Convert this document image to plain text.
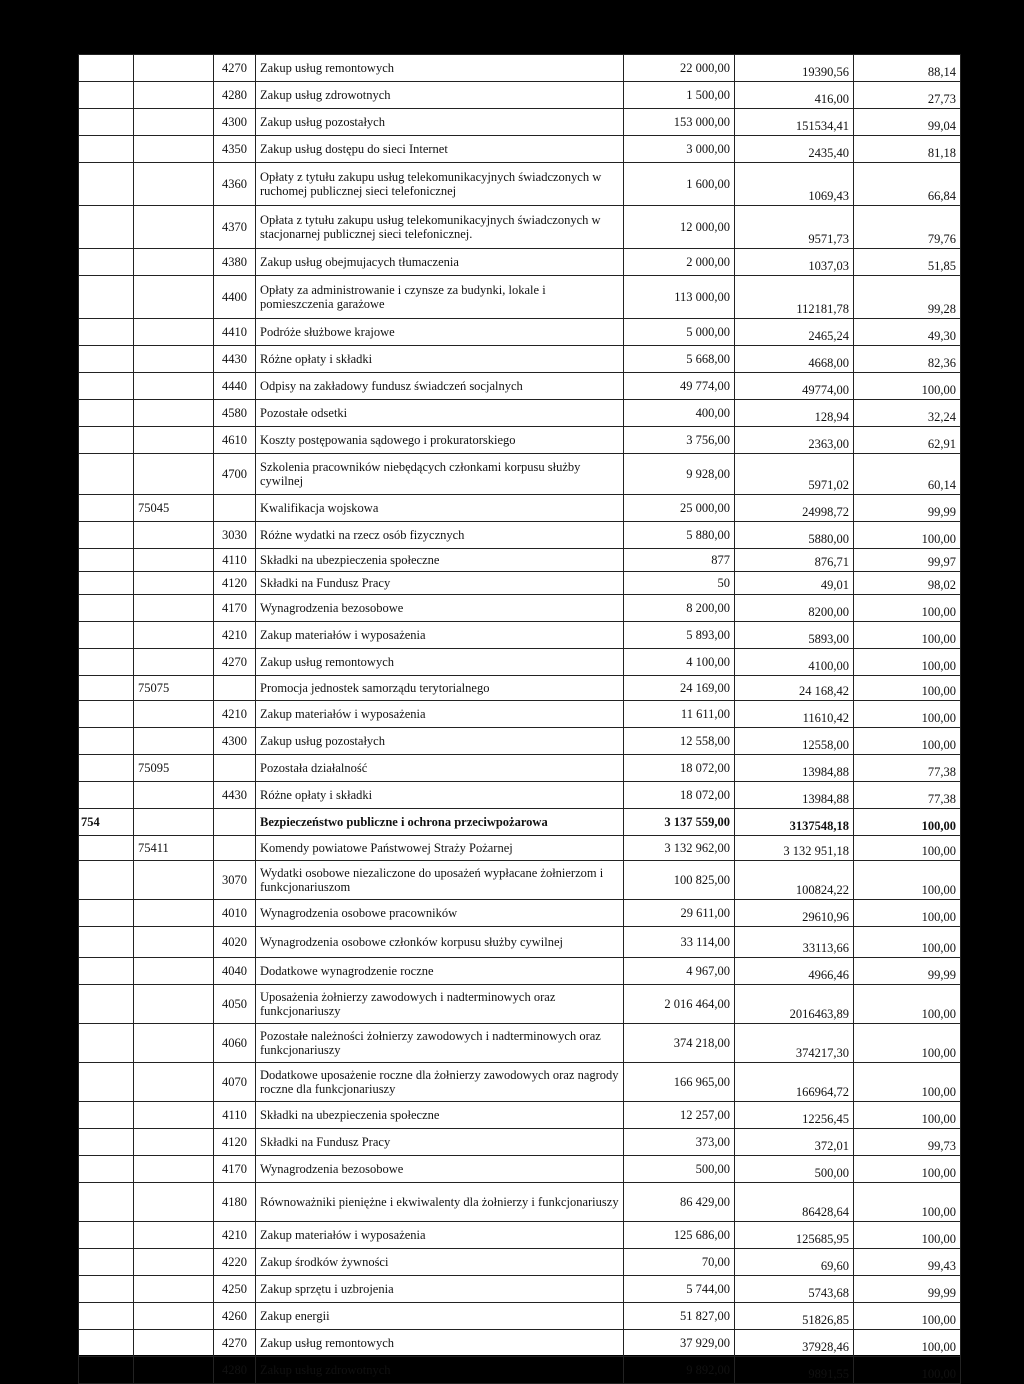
		4270	Zakup usług remontowych	22 000,00	19390,56	88,14
		4280	Zakup usług zdrowotnych	1 500,00	416,00	27,73
		4300	Zakup usług pozostałych	153 000,00	151534,41	99,04
		4350	Zakup usług dostępu do sieci Internet	3 000,00	2435,40	81,18
		4360	Opłaty z tytułu zakupu usług telekomunikacyjnych świadczonych w ruchomej publicznej sieci telefonicznej	1 600,00	1069,43	66,84
		4370	Opłata z tytułu zakupu usług telekomunikacyjnych świadczonych w stacjonarnej publicznej sieci telefonicznej.	12 000,00	9571,73	79,76
		4380	Zakup usług obejmujacych tłumaczenia	2 000,00	1037,03	51,85
		4400	Opłaty za administrowanie i czynsze za budynki, lokale i pomieszczenia garażowe	113 000,00	112181,78	99,28
		4410	Podróże służbowe krajowe	5 000,00	2465,24	49,30
		4430	Różne opłaty i składki	5 668,00	4668,00	82,36
		4440	Odpisy na zakładowy fundusz świadczeń socjalnych	49 774,00	49774,00	100,00
		4580	Pozostałe odsetki	400,00	128,94	32,24
		4610	Koszty postępowania sądowego i prokuratorskiego	3 756,00	2363,00	62,91
		4700	Szkolenia pracowników niebędących członkami korpusu służby cywilnej	9 928,00	5971,02	60,14
	75045		Kwalifikacja wojskowa	25 000,00	24998,72	99,99
		3030	Różne wydatki na rzecz osób fizycznych	5 880,00	5880,00	100,00
		4110	Składki na ubezpieczenia społeczne	877	876,71	99,97
		4120	Składki na Fundusz Pracy	50	49,01	98,02
		4170	Wynagrodzenia bezosobowe	8 200,00	8200,00	100,00
		4210	Zakup materiałów i wyposażenia	5 893,00	5893,00	100,00
		4270	Zakup usług remontowych	4 100,00	4100,00	100,00
	75075		Promocja jednostek samorządu terytorialnego	24 169,00	24 168,42	100,00
		4210	Zakup materiałów i wyposażenia	11 611,00	11610,42	100,00
		4300	Zakup usług pozostałych	12 558,00	12558,00	100,00
	75095		Pozostała działalność	18 072,00	13984,88	77,38
		4430	Różne opłaty i składki	18 072,00	13984,88	77,38
754			Bezpieczeństwo publiczne i ochrona przeciwpożarowa	3 137 559,00	3137548,18	100,00
	75411		Komendy powiatowe Państwowej Straży Pożarnej	3 132 962,00	3 132 951,18	100,00
		3070	Wydatki osobowe niezaliczone do uposażeń wypłacane żołnierzom i funkcjonariuszom	100 825,00	100824,22	100,00
		4010	Wynagrodzenia osobowe pracowników	29 611,00	29610,96	100,00
		4020	Wynagrodzenia osobowe członków korpusu służby cywilnej	33 114,00	33113,66	100,00
		4040	Dodatkowe wynagrodzenie roczne	4 967,00	4966,46	99,99
		4050	Uposażenia żołnierzy zawodowych i nadterminowych oraz funkcjonariuszy	2 016 464,00	2016463,89	100,00
		4060	Pozostałe należności żołnierzy zawodowych i nadterminowych oraz funkcjonariuszy	374 218,00	374217,30	100,00
		4070	Dodatkowe uposażenie roczne dla żołnierzy zawodowych oraz nagrody roczne dla funkcjonariuszy	166 965,00	166964,72	100,00
		4110	Składki na ubezpieczenia społeczne	12 257,00	12256,45	100,00
		4120	Składki na Fundusz Pracy	373,00	372,01	99,73
		4170	Wynagrodzenia bezosobowe	500,00	500,00	100,00
		4180	Równoważniki pieniężne i ekwiwalenty dla żołnierzy i funkcjonariuszy	86 429,00	86428,64	100,00
		4210	Zakup materiałów i wyposażenia	125 686,00	125685,95	100,00
		4220	Zakup środków żywności	70,00	69,60	99,43
		4250	Zakup sprzętu i uzbrojenia	5 744,00	5743,68	99,99
		4260	Zakup energii	51 827,00	51826,85	100,00
		4270	Zakup usług remontowych	37 929,00	37928,46	100,00
		4280	Zakup usług zdrowotnych	9 892,00	9891,55	100,00
